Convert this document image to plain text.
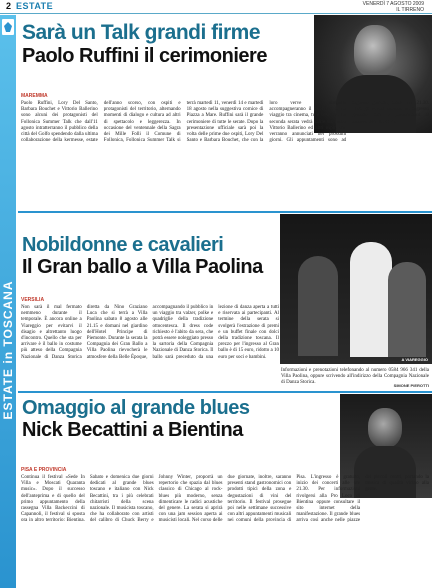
2 ESTATE	VENERDÌ 7 AGOSTO 2009
IL TIRRENO
ESTATE in TOSCANA
Sarà un Talk grandi firme
Paolo Ruffini il cerimoniere
MAREMMA
Paolo Ruffini, Lory Del Santo, Barbara Bouchet e Vittorio Ballerino sono alcuni dei protagonisti del Follonica Summer Talk che dall'11 agosto intratterranno il pubblico della città del Golfo spendendo dalla ultima collaborazione della kermesse, estate dell'anno scorso, con ospiti e protagonisti del territorio, alternando momenti di dialogo e cultura ad altri di spettacolo e leggerezza. In occasione del ventennale della Sagra dei Mille Folli il Comune di Follonica, Follonica Summer Talk si terrà martedì 11, venerdì 14 e martedì 18 agosto nella suggestiva cornice di Piazza a Mare. Ruffini sarà il grande cerimoniere di tutte le serate. Dopo la presentazione ufficiale sarà poi la volta delle prime due ospiti, Lory Del Santo e Barbara Bouchet, che con la loro verve e simpatia accompagneranno il pubblico in un viaggio tra cinema, tv e costume. La seconda serata vedrà salire sul palco Vittorio Ballerino ed altri ospiti che verranno annunciati nei prossimi giorni. Gli appuntamenti sono ad ingresso gratuito, inizio ore 21.30. Tutti gli eventi saranno ad ingresso gratuito, info e prenotazioni al numero 346 3074175.
A VIAREGGIO
Nobildonne e cavalieri
Il Gran ballo a Villa Paolina
VERSILIA
Non sarà il mal fermato nemmeno durante il temporale. È ancora online a Viareggio per evitarvi il disagio e altrettanto luogo d'incontro. Quello che sta per arrivare è il ballo in costume più atteso della Compagnia Nazionale di Danza Storica diretta da Nino Graziano Luca che si terrà a Villa Paolina sabato 8 agosto alle 21.15 e domani nel giardino dell'Hotel Principe di Piemonte. Durante la serata la Compagnia dei Gran Ballo a Villa Paolina rievocherà le atmosfere della Belle Époque, accompagnando il pubblico in un viaggio tra valzer, polke e quadriglie della tradizione ottocentesca. Il dress code richiesto è l'abito da sera, che potrà essere noleggiato presso la sartoria della Compagnia Nazionale di Danza Storica. Il ballo sarà preceduto da una lezione di danza aperta a tutti e riservata ai partecipanti. Al termine della serata si svolgerà l'estrazione di premi e un buffet finale con dolci della tradizione toscana. Il prezzo per l'ingresso al Gran ballo è di 15 euro, ridotto a 10 euro per soci e bambini.
Informazioni e prenotazioni telefonando al numero 0584 966 341 della Villa Paolina, oppure scrivendo all'indirizzo della Compagnia Nazionale di Danza Storica.
SIMONE PIEROTTI
Omaggio al grande blues
Nick Becattini a Bientina
PISA E PROVINCIA
Continua il festival «Sede In Villa e Moscati Quaranta music». Dopo il successo dell'anteprima e di quello del primo appuntamento della rassegna Villa Backeccini di Capannoli, il festival si sposta ora in altro territorio: Bientina. Sabato e domenica due giorni dedicati al grande blues toscano e italiano con Nick Becattini, tra i più celebrati chitarristi della scena nazionale. Il musicista toscano, che ha collaborato con artisti del calibro di Chuck Berry e Johnny Winter, proporrà un repertorio che spazia dal blues classico di Chicago al rock-blues più moderno, senza dimenticare le radici acustiche del genere. La serata si aprirà con una jam session aperta ai musicisti locali. Nel corso delle due giornate, inoltre, saranno presenti stand gastronomici con prodotti tipici della zona e degustazioni di vini del territorio. Il festival prosegue poi nelle settimane successive con altri appuntamenti musicali nei comuni della provincia di Pisa. L'ingresso è gratuito, inizio dei concerti alle ore 21.30. Per informazioni rivolgersi alla Pro Loco di Bientina oppure consultare il sito internet della manifestazione. Il grande blues arriva così anche nelle piazze dei piccoli centri, portando la musica di qualità vicino alla gente.
